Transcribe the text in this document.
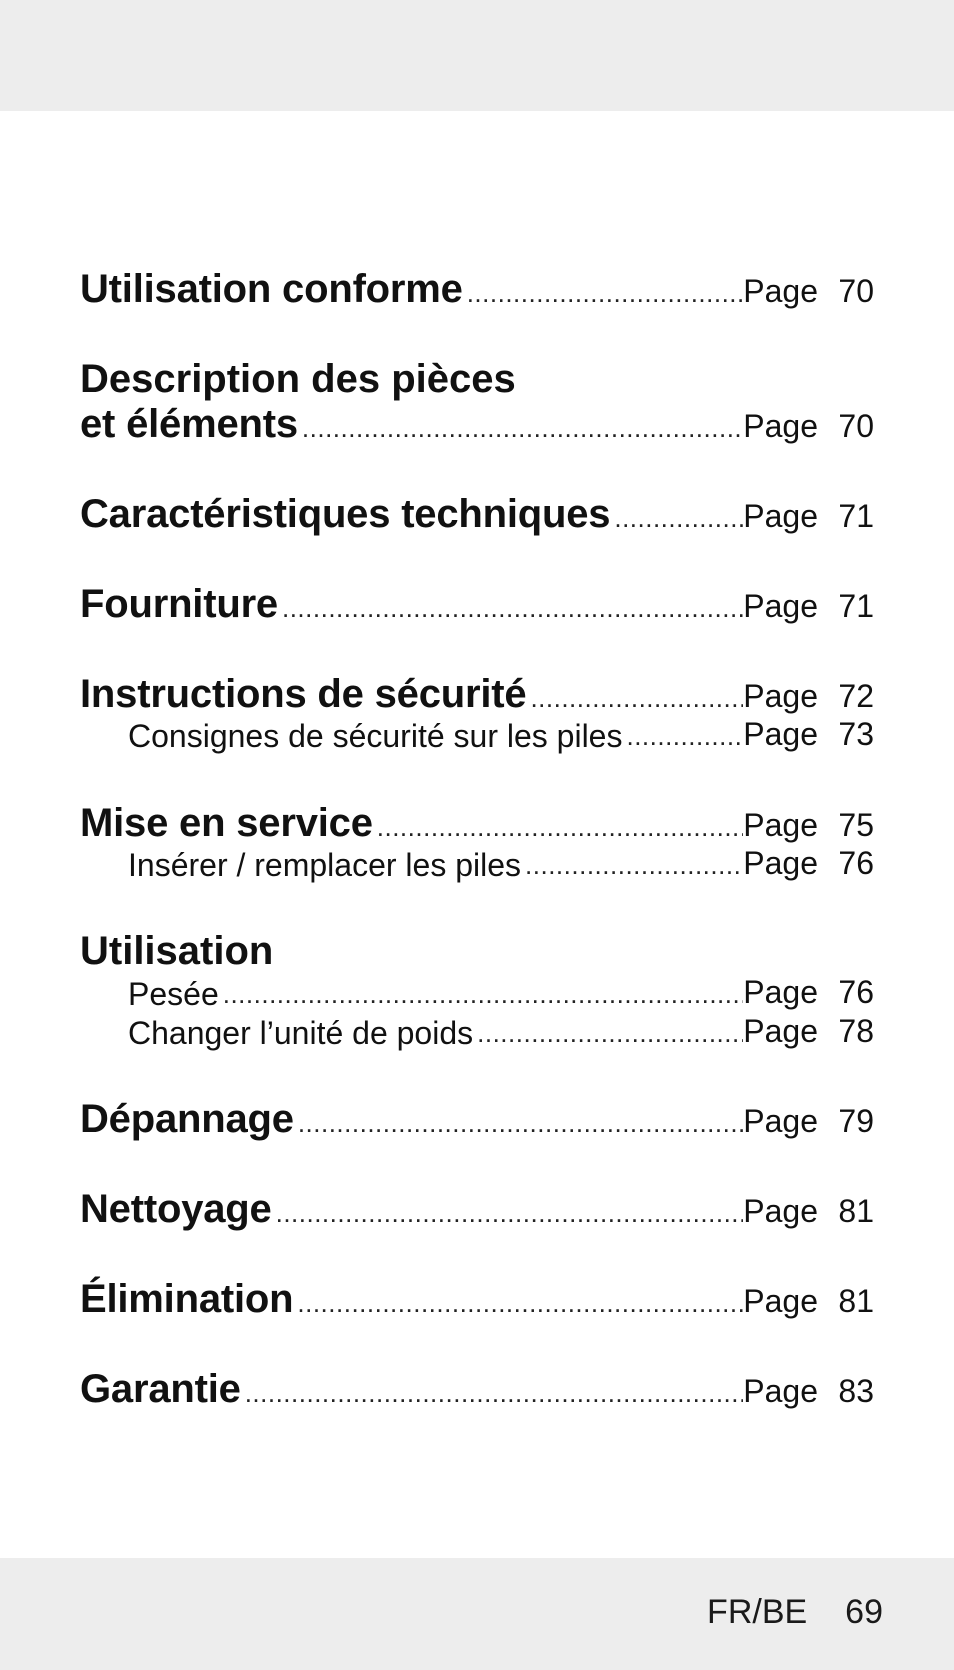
Utilisation conforme .....	Page 70
Description des pièces
et éléments .....	Page 70
Caractéristiques techniques .....	Page 71
Fourniture .....	Page 71
Instructions de sécurité .....	Page 72
Consignes de sécurité sur les piles .....	Page 73
Mise en service .....	Page 75
Insérer / remplacer les piles .....	Page 76
Utilisation
Pesée .....	Page 76
Changer l’unité de poids .....	Page 78
Dépannage .....	Page 79
Nettoyage .....	Page 81
Élimination .....	Page 81
Garantie .....	Page 83
FR/BE 69
